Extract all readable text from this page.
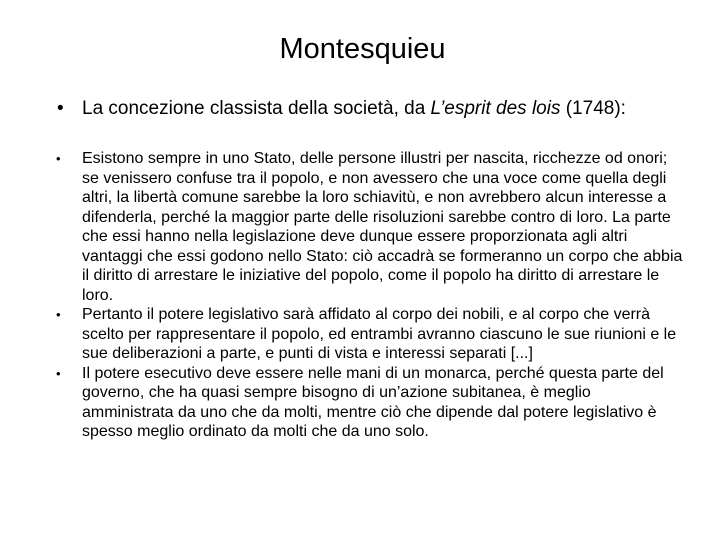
Montesquieu
• La concezione classista della società, da L’esprit des lois (1748):

• Esistono sempre in uno Stato, delle persone illustri per nascita, ricchezze od onori; se venissero confuse tra il popolo, e non avessero che una voce come quella degli altri, la libertà comune sarebbe la loro schiavitù, e non avrebbero alcun interesse a difenderla, perché la maggior parte delle risoluzioni sarebbe contro di loro. La parte che essi hanno nella legislazione deve dunque essere proporzionata agli altri vantaggi che essi godono nello Stato: ciò accadrà se formeranno un corpo che abbia il diritto di arrestare le iniziative del popolo, come il popolo ha diritto di arrestare le loro.

• Pertanto il potere legislativo sarà affidato al corpo dei nobili, e al corpo che verrà scelto per rappresentare il popolo, ed entrambi avranno ciascuno le sue riunioni e le sue deliberazioni a parte, e punti di vista e interessi separati [...]

• Il potere esecutivo deve essere nelle mani di un monarca, perché questa parte del governo, che ha quasi sempre bisogno di un’azione subitanea, è meglio amministrata da uno che da molti, mentre ciò che dipende dal potere legislativo è spesso meglio ordinato da molti che da uno solo.
